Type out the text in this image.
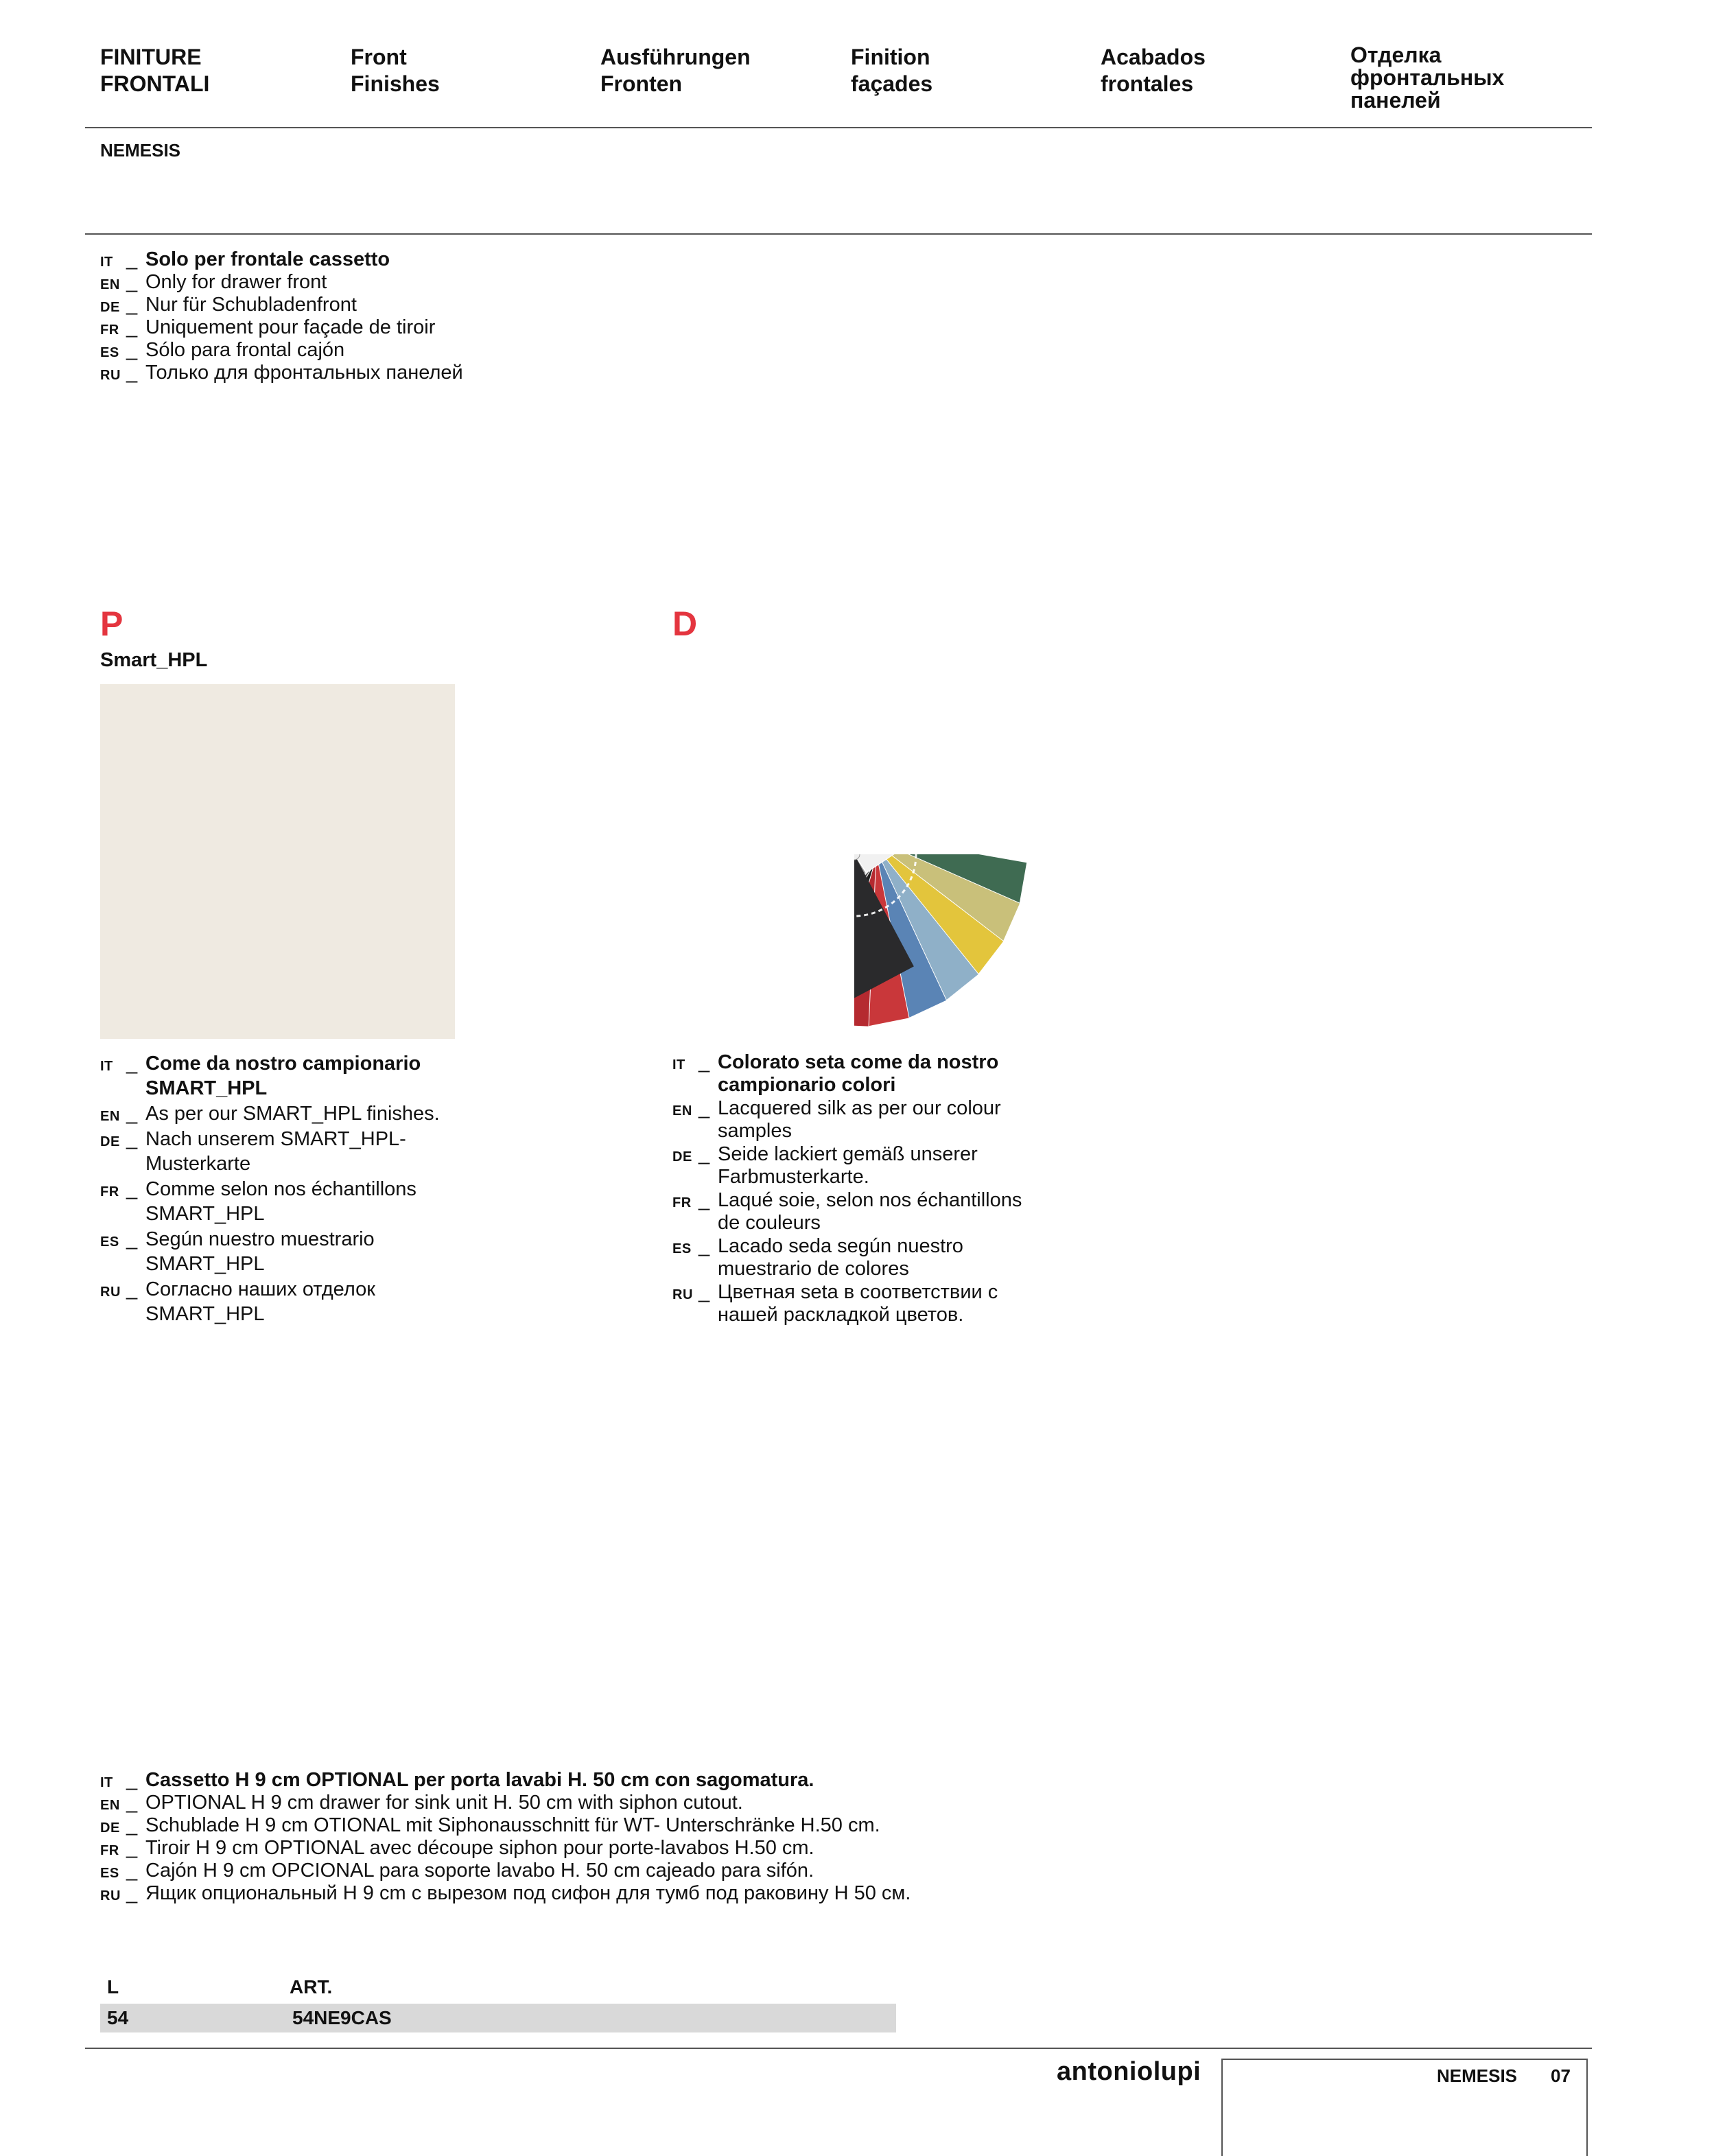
FINITURE
FRONTALI
Front
Finishes
Ausführungen
Fronten
Finition
façades
Acabados
frontales
Отделка
фронтальных
панелей
NEMESIS
IT _ Solo per frontale cassetto
EN _ Only for drawer front
DE _ Nur für Schubladenfront
FR _ Uniquement pour façade de tiroir
ES _ Sólo para frontal cajón
RU _ Только для фронтальных панелей
P
Smart_HPL
IT _ Come da nostro campionario
SMART_HPL
EN _ As per our SMART_HPL finishes.
DE _ Nach unserem SMART_HPL-
Musterkarte
FR _ Comme selon nos échantillons
SMART_HPL
ES _ Según nuestro muestrario
SMART_HPL
RU _ Согласно наших отделок
SMART_HPL
D
IT _ Colorato seta come da nostro
campionario colori
EN _ Lacquered silk as per our colour
samples
DE _ Seide lackiert gemäß unserer
Farbmusterkarte.
FR _ Laqué soie, selon nos échantillons
de couleurs
ES _ Lacado seda según nuestro
muestrario de colores
RU _ Цветная seta в соответствии с
нашей раскладкой цветов.
IT _ Cassetto H 9 cm OPTIONAL per porta lavabi H. 50 cm con sagomatura.
EN _ OPTIONAL H 9 cm drawer for sink unit H. 50 cm with siphon cutout.
DE _ Schublade H 9 cm OTIONAL mit Siphonausschnitt für WT- Unterschränke H.50 cm.
FR _ Tiroir H 9 cm OPTIONAL avec découpe siphon pour porte-lavabos H.50 cm.
ES _ Cajón H 9 cm OPCIONAL para soporte lavabo H. 50 cm cajeado para sifón.
RU _ Ящик опциональный H 9 cm с вырезом под сифон для тумб под раковину H 50 см.
L	ART.
54	54NE9CAS
antoniolupi	NEMESIS 07
